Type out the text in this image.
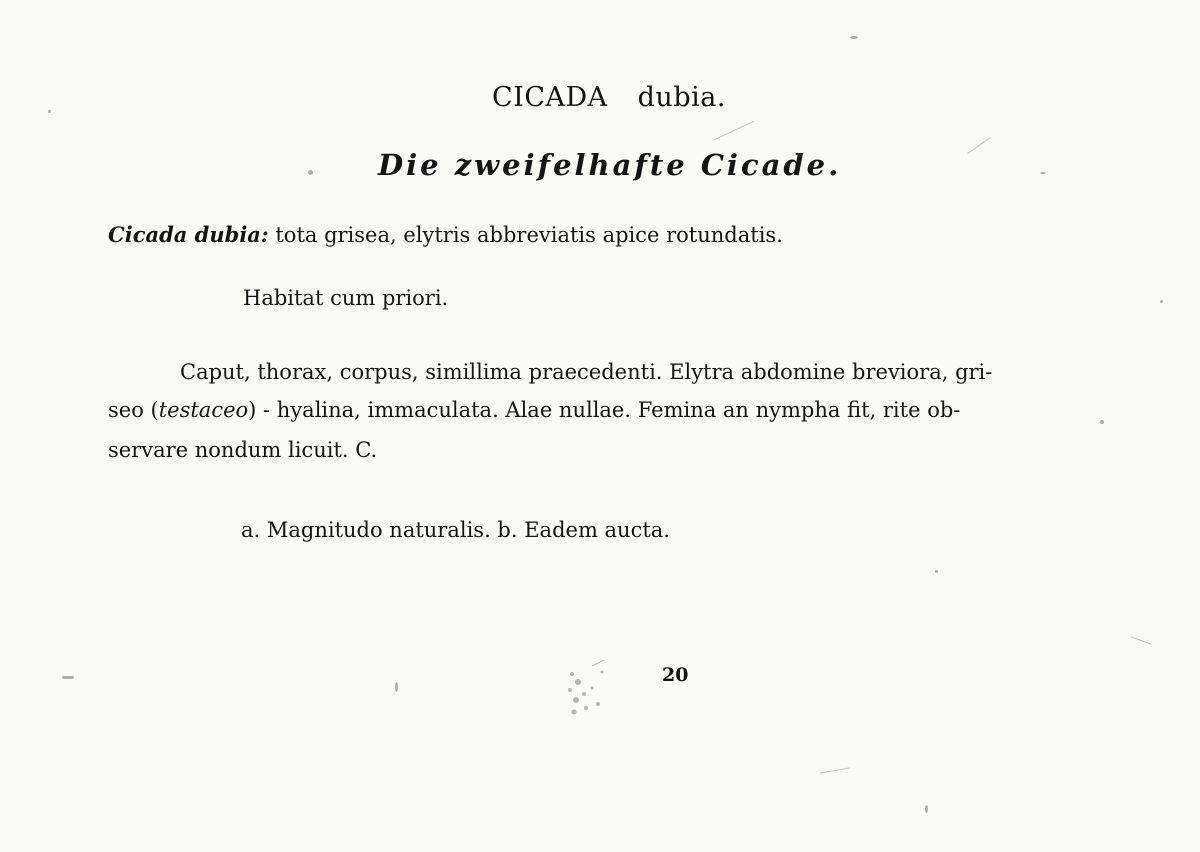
CICADA dubia.
Die zweifelhafte Cicade.
Cicada dubia: tota grisea, elytris abbreviatis apice rotundatis.
Habitat cum priori.
Caput, thorax, corpus, simillima praecedenti. Elytra abdomine breviora, gri-
seo (testaceo) - hyalina, immaculata. Alae nullae. Femina an nympha fit, rite ob-
servare nondum licuit. C.
a. Magnitudo naturalis. b. Eadem aucta.
20
